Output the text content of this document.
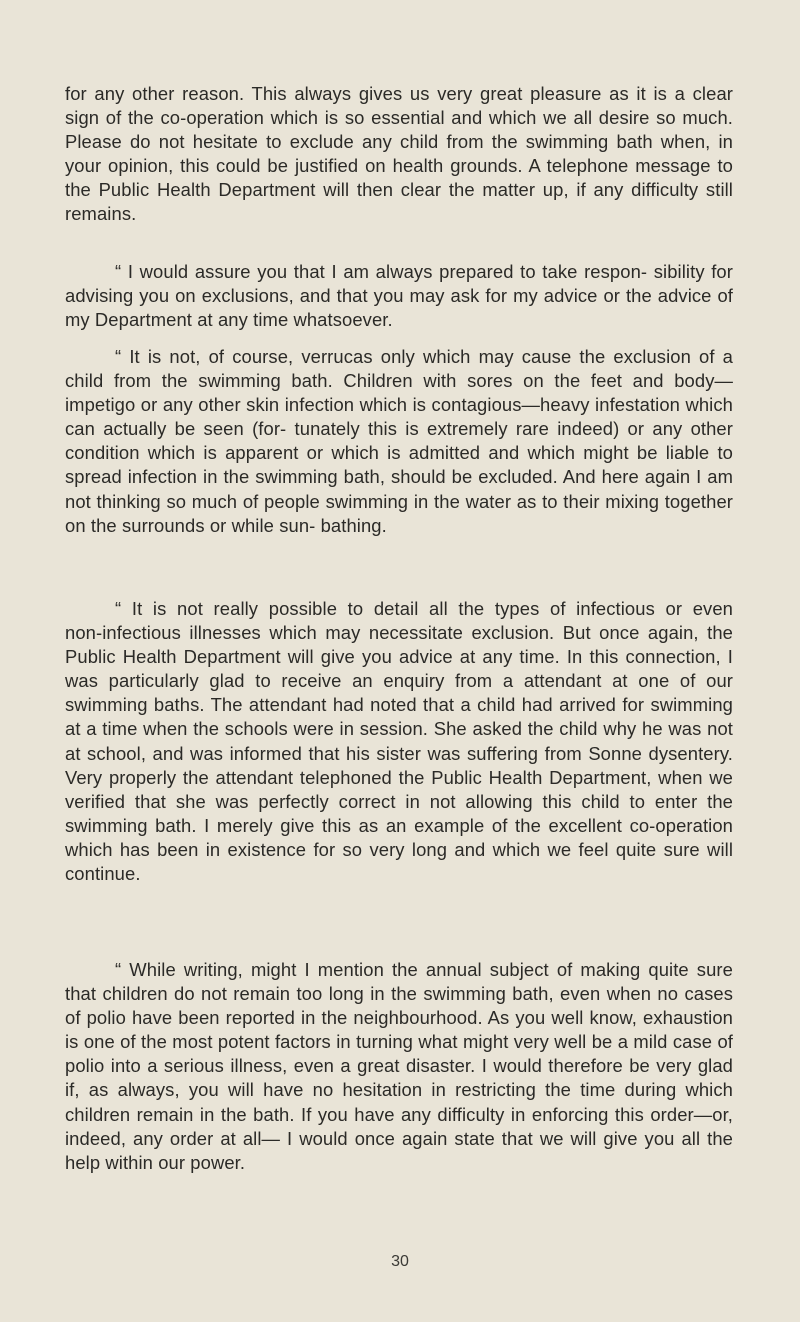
for any other reason. This always gives us very great pleasure as it is a clear sign of the co‑operation which is so essential and which we all desire so much. Please do not hesitate to exclude any child from the swimming bath when, in your opinion, this could be justified on health grounds. A telephone message to the Public Health Department will then clear the matter up, if any difficulty still remains.

“ I would assure you that I am always prepared to take respon‑ sibility for advising you on exclusions, and that you may ask for my advice or the advice of my Department at any time whatsoever.

“ It is not, of course, verrucas only which may cause the exclusion of a child from the swimming bath. Children with sores on the feet and body—impetigo or any other skin infection which is contagious—heavy infestation which can actually be seen (for‑ tunately this is extremely rare indeed) or any other condition which is apparent or which is admitted and which might be liable to spread infection in the swimming bath, should be excluded. And here again I am not thinking so much of people swimming in the water as to their mixing together on the surrounds or while sun‑ bathing.

“ It is not really possible to detail all the types of infectious or even non‑infectious illnesses which may necessitate exclusion. But once again, the Public Health Department will give you advice at any time. In this connection, I was particularly glad to receive an enquiry from a attendant at one of our swimming baths. The attendant had noted that a child had arrived for swimming at a time when the schools were in session. She asked the child why he was not at school, and was informed that his sister was suffering from Sonne dysentery. Very properly the attendant telephoned the Public Health Department, when we verified that she was perfectly correct in not allowing this child to enter the swimming bath. I merely give this as an example of the excellent co‑operation which has been in existence for so very long and which we feel quite sure will continue.

“ While writing, might I mention the annual subject of making quite sure that children do not remain too long in the swimming bath, even when no cases of polio have been reported in the neighbourhood. As you well know, exhaustion is one of the most potent factors in turning what might very well be a mild case of polio into a serious illness, even a great disaster. I would therefore be very glad if, as always, you will have no hesitation in restricting the time during which children remain in the bath. If you have any difficulty in enforcing this order—or, indeed, any order at all— I would once again state that we will give you all the help within our power.

30
